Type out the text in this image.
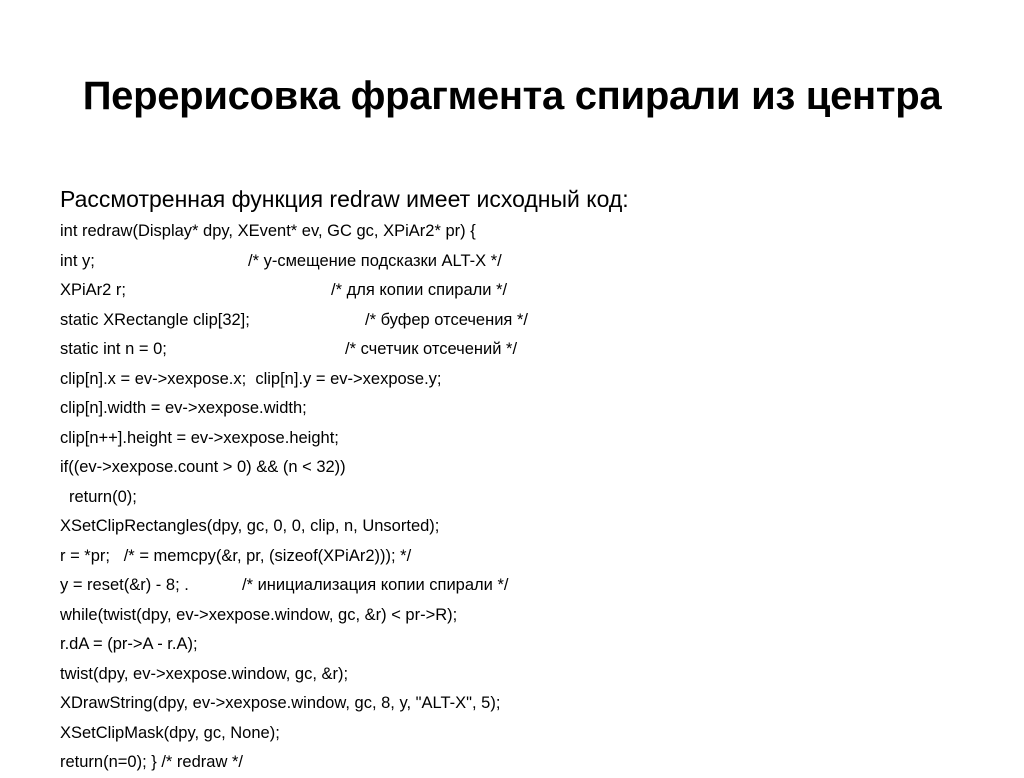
Перерисовка фрагмента спирали из центра

Рассмотренная функция redraw имеет исходный код:

int redraw(Display* dpy, XEvent* ev, GC gc, XPiAr2* pr) {
int y;	/* y-смещение подсказки ALT-X */
XPiAr2 r;	/* для копии спирали */
static XRectangle clip[32];	/* буфер отсечения */
static int n = 0;	/* счетчик отсечений */
clip[n].x = ev->xexpose.x;  clip[n].y = ev->xexpose.y;
clip[n].width = ev->xexpose.width;
clip[n++].height = ev->xexpose.height;
if((ev->xexpose.count > 0) && (n < 32))
return(0);
XSetClipRectangles(dpy, gc, 0, 0, clip, n, Unsorted);
r = *pr;   /* = memcpy(&r, pr, (sizeof(XPiAr2))); */
y = reset(&r) - 8; .	/* инициализация копии спирали */
while(twist(dpy, ev->xexpose.window, gc, &r) < pr->R);
r.dA = (pr->A - r.A);
twist(dpy, ev->xexpose.window, gc, &r);
XDrawString(dpy, ev->xexpose.window, gc, 8, y, "ALT-X", 5);
XSetClipMask(dpy, gc, None);
return(n=0); } /* redraw */
